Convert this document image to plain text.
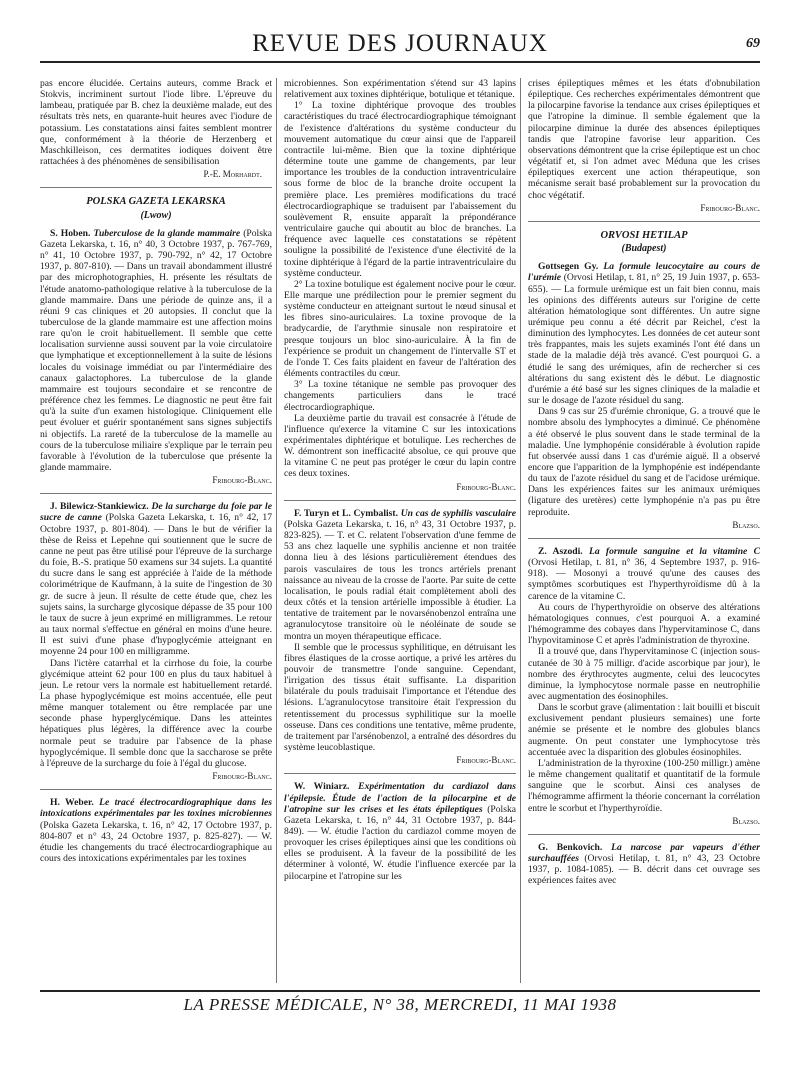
REVUE DES JOURNAUX	69

pas encore élucidée. Certains auteurs, comme Brack et Stokvis, incriminent surtout l'iode libre. L'épreuve du lambeau, pratiquée par B. chez la deuxième malade, eut des résultats très nets, en quarante-huit heures avec l'iodure de potassium. Les constatations ainsi faites semblent montrer que, conformément à la théorie de Herzenberg et Maschkilleison, ces dermatites iodiques doivent être rattachées à des phénomènes de sensibilisation

P.-E. Morhardt.
POLSKA GAZETA LEKARSKA
(Lwow)

S. Hoben. Tuberculose de la glande mammaire (Polska Gazeta Lekarska, t. 16, n° 40, 3 Octobre 1937, p. 767-769, n° 41, 10 Octobre 1937, p. 790-792, n° 42, 17 Octobre 1937, p. 807-810). — Dans un travail abondamment illustré par des microphotographies, H. présente les résultats de l'étude anatomo-pathologique relative à la tuberculose de la glande mammaire. Dans une période de quinze ans, il a réuni 9 cas cliniques et 20 autopsies. Il conclut que la tuberculose de la glande mammaire est une affection moins rare qu'on le croit habituellement. Il semble que cette localisation survienne aussi souvent par la voie circulatoire que lymphatique et exceptionnellement à la suite de lésions locales du voisinage immédiat ou par l'intermédiaire des canaux galactophores. La tuberculose de la glande mammaire est toujours secondaire et se rencontre de préférence chez les femmes. Le diagnostic ne peut être fait qu'à la suite d'un examen histologique. Cliniquement elle peut évoluer et guérir spontanément sans signes subjectifs ni objectifs. La rareté de la tuberculose de la mamelle au cours de la tuberculose miliaire s'explique par le terrain peu favorable à l'évolution de la tuberculose que présente la glande mammaire.

Fribourg-Blanc.

J. Bilewicz-Stankiewicz. De la surcharge du foie par le sucre de canne (Polska Gazeta Lekarska, t. 16, n° 42, 17 Octobre 1937, p. 801-804). — Dans le but de vérifier la thèse de Reiss et Lepehne qui soutiennent que le sucre de canne ne peut pas être utilisé pour l'épreuve de la surcharge du foie, B.-S. pratique 50 examens sur 34 sujets. La quantité du sucre dans le sang est appréciée à l'aide de la méthode colorimétrique de Kaufmann, à la suite de l'ingestion de 30 gr. de sucre à jeun. Il résulte de cette étude que, chez les sujets sains, la surcharge glycosique dépasse de 35 pour 100 le taux de sucre à jeun exprimé en milligrammes. Le retour au taux normal s'effectue en général en moins d'une heure. Il est suivi d'une phase d'hypoglycémie atteignant en moyenne 24 pour 100 en milligramme.

Dans l'ictère catarrhal et la cirrhose du foie, la courbe glycémique atteint 62 pour 100 en plus du taux habituel à jeun. Le retour vers la normale est habituellement retardé. La phase hypoglycémique est moins accentuée, elle peut même manquer totalement ou être remplacée par une seconde phase hyperglycémique. Dans les atteintes hépatiques plus légères, la différence avec la courbe normale peut se traduire par l'absence de la phase hypoglycémique. Il semble donc que la saccharose se prête à l'épreuve de la surcharge du foie à l'égal du glucose.

Fribourg-Blanc.

H. Weber. Le tracé électrocardiographique dans les intoxications expérimentales par les toxines microbiennes (Polska Gazeta Lekarska, t. 16, n° 42, 17 Octobre 1937, p. 804-807 et n° 43, 24 Octobre 1937, p. 825-827). — W. étudie les changements du tracé électrocardiographique au cours des intoxications expérimentales par les toxines

microbiennes. Son expérimentation s'étend sur 43 lapins relativement aux toxines diphtérique, botulique et tétanique.

1° La toxine diphtérique provoque des troubles caractéristiques du tracé électrocardiographique témoignant de l'existence d'altérations du système conducteur du mouvement automatique du cœur ainsi que de l'appareil contractile lui-même. Bien que la toxine diphtérique détermine toute une gamme de changements, par leur importance les troubles de la conduction intraventriculaire sous forme de bloc de la branche droite occupent la première place. Les premières modifications du tracé électrocardiographique se traduisent par l'abaissement du soulèvement R, ensuite apparaît la prépondérance ventriculaire gauche qui aboutit au bloc de branches. La fréquence avec laquelle ces constatations se répètent souligne la possibilité de l'existence d'une électivité de la toxine diphtérique à l'égard de la partie intraventriculaire du système conducteur.

2° La toxine botulique est également nocive pour le cœur. Elle marque une prédilection pour le premier segment du système conducteur en atteignant surtout le nœud sinusal et les fibres sino-auriculaires. La toxine provoque de la bradycardie, de l'arythmie sinusale non respiratoire et presque toujours un bloc sino-auriculaire. À la fin de l'expérience se produit un changement de l'intervalle ST et de l'onde T. Ces faits plaident en faveur de l'altération des éléments contractiles du cœur.

3° La toxine tétanique ne semble pas provoquer des changements particuliers dans le tracé électrocardiographique.

La deuxième partie du travail est consacrée à l'étude de l'influence qu'exerce la vitamine C sur les intoxications expérimentales diphtérique et botulique. Les recherches de W. démontrent son inefficacité absolue, ce qui prouve que la vitamine C ne peut pas protéger le cœur du lapin contre ces deux toxines.

Fribourg-Blanc.

F. Turyn et L. Cymbalist. Un cas de syphilis vasculaire (Polska Gazeta Lekarska, t. 16, n° 43, 31 Octobre 1937, p. 823-825). — T. et C. relatent l'observation d'une femme de 53 ans chez laquelle une syphilis ancienne et non traitée donna lieu à des lésions particulièrement étendues des parois vasculaires de tous les troncs artériels prenant naissance au niveau de la crosse de l'aorte. Par suite de cette localisation, le pouls radial était complètement aboli des deux côtés et la tension artérielle impossible à étudier. La tentative de traitement par le novarsénobenzol entraîna une agranulocytose transitoire où le néoléinate de soude se montra un moyen thérapeutique efficace.

Il semble que le processus syphilitique, en détruisant les fibres élastiques de la crosse aortique, a privé les artères du pouvoir de transmettre l'onde sanguine. Cependant, l'irrigation des tissus était suffisante. La disparition bilatérale du pouls traduisait l'importance et l'étendue des lésions. L'agranulocytose transitoire était l'expression du retentissement du processus syphilitique sur la moelle osseuse. Dans ces conditions une tentative, même prudente, de traitement par l'arsénobenzol, a entraîné des désordres du système leucoblastique.

Fribourg-Blanc.

W. Winiarz. Expérimentation du cardiazol dans l'épilepsie. Étude de l'action de la pilocarpine et de l'atropine sur les crises et les états épileptiques (Polska Gazeta Lekarska, t. 16, n° 44, 31 Octobre 1937, p. 844-849). — W. étudie l'action du cardiazol comme moyen de provoquer les crises épileptiques ainsi que les conditions où elles se produisent. À la faveur de la possibilité de les déterminer à volonté, W. étudie l'influence exercée par la pilocarpine et l'atropine sur les

crises épileptiques mêmes et les états d'obnubilation épileptique. Ces recherches expérimentales démontrent que la pilocarpine favorise la tendance aux crises épileptiques et que l'atropine la diminue. Il semble également que la pilocarpine diminue la durée des absences épileptiques tandis que l'atropine favorise leur apparition. Ces observations démontrent que la crise épileptique est un choc végétatif et, si l'on admet avec Méduna que les crises épileptiques exercent une action thérapeutique, son mécanisme serait basé probablement sur la provocation du choc végétatif.

Fribourg-Blanc.
ORVOSI HETILAP
(Budapest)

Gottsegen Gy. La formule leucocytaire au cours de l'urémie (Orvosi Hetilap, t. 81, n° 25, 19 Juin 1937, p. 653-655). — La formule urémique est un fait bien connu, mais les opinions des différents auteurs sur l'origine de cette altération hématologique sont différentes. Un autre signe urémique peu connu a été décrit par Reichel, c'est la diminution des lymphocytes. Les données de cet auteur sont très frappantes, mais les sujets examinés l'ont été dans un stade de la maladie déjà très avancé. C'est pourquoi G. a étudié le sang des urémiques, afin de rechercher si ces altérations du sang existent dès le début. Le diagnostic d'urémie a été basé sur les signes cliniques de la maladie et sur le dosage de l'azote résiduel du sang.

Dans 9 cas sur 25 d'urémie chronique, G. a trouvé que le nombre absolu des lymphocytes a diminué. Ce phénomène a été observé le plus souvent dans le stade terminal de la maladie. Une lymphopénie considérable à évolution rapide fut observée aussi dans 1 cas d'urémie aiguë. Il a observé encore que l'apparition de la lymphopénie est indépendante du taux de l'azote résiduel du sang et de l'acidose urémique. Dans les expériences faites sur les animaux urémiques (ligature des uretères) cette lymphopénie n'a pas pu être reproduite.

Blazso.

Z. Aszodi. La formule sanguine et la vitamine C (Orvosi Hetilap, t. 81, n° 36, 4 Septembre 1937, p. 916-918). — Mosonyi a trouvé qu'une des causes des symptômes scorbutiques est l'hyperthyroïdisme dû à la carence de la vitamine C.

Au cours de l'hyperthyroïdie on observe des altérations hématologiques connues, c'est pourquoi A. a examiné l'hémogramme des cobayes dans l'hypervitaminose C, dans l'hypovitaminose C et après l'administration de thyroxine.

Il a trouvé que, dans l'hypervitaminose C (injection sous-cutanée de 30 à 75 milligr. d'acide ascorbique par jour), le nombre des érythrocytes augmente, celui des leucocytes diminue, la lymphocytose normale passe en neutrophilie avec augmentation des éosinophiles.

Dans le scorbut grave (alimentation : lait bouilli et biscuit exclusivement pendant plusieurs semaines) une forte anémie se présente et le nombre des globules blancs augmente. On peut constater une lymphocytose très accentuée avec la disparition des globules éosinophiles.

L'administration de la thyroxine (100-250 milligr.) amène le même changement qualitatif et quantitatif de la formule sanguine que le scorbut. Ainsi ces analyses de l'hémogramme affirment la théorie concernant la corrélation entre le scorbut et l'hyperthyroïdie.

Blazso.

G. Benkovich. La narcose par vapeurs d'éther surchauffées (Orvosi Hetilap, t. 81, n° 43, 23 Octobre 1937, p. 1084-1085). — B. décrit dans cet ouvrage ses expériences faites avec

LA PRESSE MÉDICALE, N° 38, MERCREDI, 11 MAI 1938
